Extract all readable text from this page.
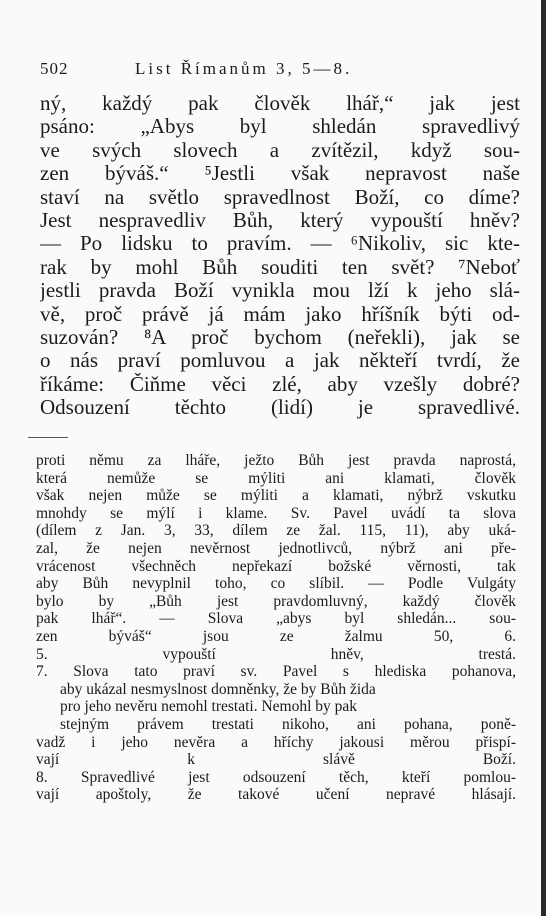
502	List Římanům 3, 5—8.
ný, každý pak člověk lhář,“ jak jest
psáno: „Abys byl shledán spravedlivý
ve svých slovech a zvítězil, když sou-
zen býváš.“ ⁵Jestli však nepravost naše
staví na světlo spravedlnost Boží, co díme?
Jest nespravedliv Bůh, který vypouští hněv?
— Po lidsku to pravím. — ⁶Nikoliv, sic kte-
rak by mohl Bůh souditi ten svět? ⁷Neboť
jestli pravda Boží vynikla mou lží k jeho slá-
vě, proč právě já mám jako hříšník býti od-
suzován? ⁸A proč bychom (neřekli), jak se
o nás praví pomluvou a jak někteří tvrdí, že
říkáme: Čiňme věci zlé, aby vzešly dobré?
Odsouzení těchto (lidí) je spravedlivé.
proti němu za lháře, ježto Bůh jest pravda naprostá,
která nemůže se mýliti ani klamati, člověk
však nejen může se mýliti a klamati, nýbrž vskutku
mnohdy se mýlí i klame. Sv. Pavel uvádí ta slova
(dílem z Jan. 3, 33, dílem ze žal. 115, 11), aby uká-
zal, že nejen nevěrnost jednotlivců, nýbrž ani pře-
vrácenost všechněch nepřekazí božské věrnosti, tak
aby Bůh nevyplnil toho, co slíbil. — Podle Vulgáty
bylo by „Bůh jest pravdomluvný, každý člověk
pak lhář“. — Slova „abys byl shledán... sou-
zen býváš“ jsou ze žalmu 50, 6.
5. vypouští hněv, trestá.
7. Slova tato praví sv. Pavel s hlediska pohanova,
aby ukázal nesmyslnost domněnky, že by Bůh žida
pro jeho nevěru nemohl trestati. Nemohl by pak
stejným právem trestati nikoho, ani pohana, poně-
vadž i jeho nevěra a hříchy jakousi měrou přispí-
vají k slávě Boží.
8. Spravedlivé jest odsouzení těch, kteří pomlou-
vají apoštoly, že takové učení nepravé hlásají.
